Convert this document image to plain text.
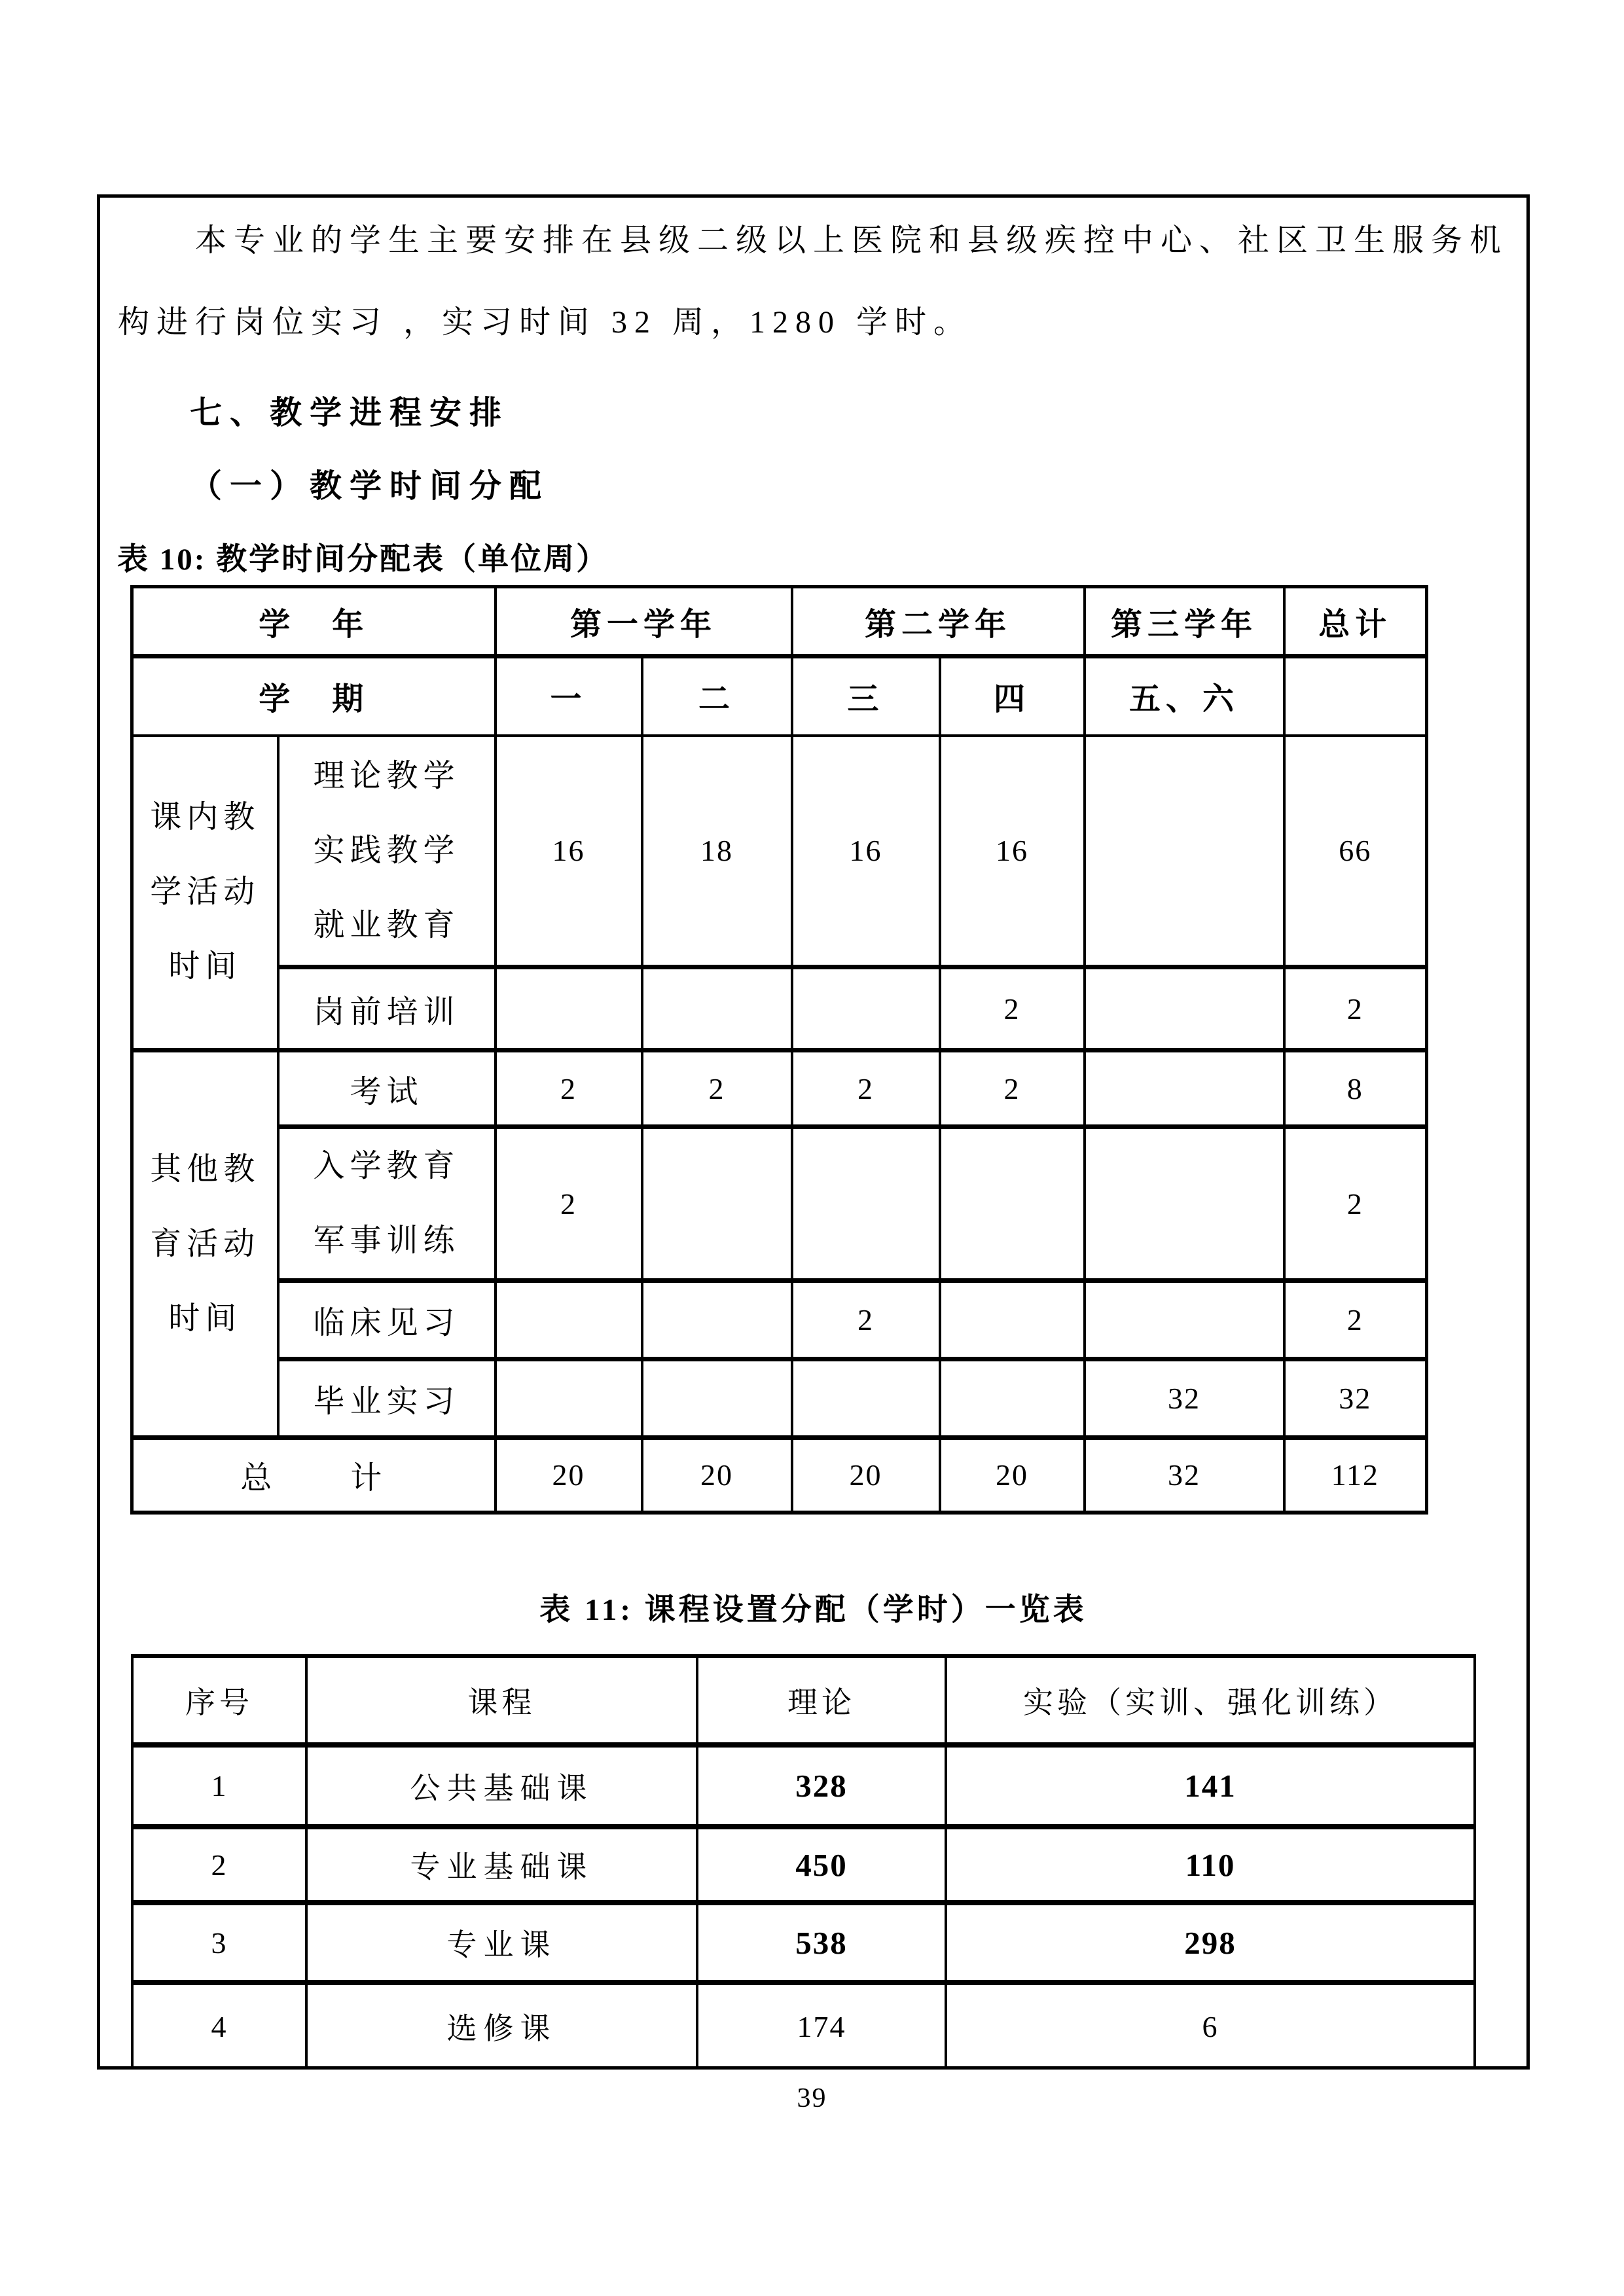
本专业的学生主要安排在县级二级以上医院和县级疾控中心、社区卫生服务机

构进行岗位实习 ，实习时间 32 周，1280 学时。

七、教学进程安排
（一）教学时间分配
表 10: 教学时间分配表（单位周）
学　年		第一学年		第二学年		第三学年	总计
学　期		一	二	三	四	五、六	

课内教
学活动
时间

理论教学
实践教学
就业教育
	16	18	16	16		66
	岗前培训				2		2

其他教
育活动
时间	考试	2	2	2	2		8

	入学教育
军事训练	2					2
	临床见习			2			2
	毕业实习					32	32
总　　计		20	20	20	20	32	112
表 11: 课程设置分配（学时）一览表
序号	课程	理论	实验（实训、强化训练）
1	公共基础课	328	141
2	专业基础课	450	110
3	专业课	538	298
4	选修课	174	6
39
